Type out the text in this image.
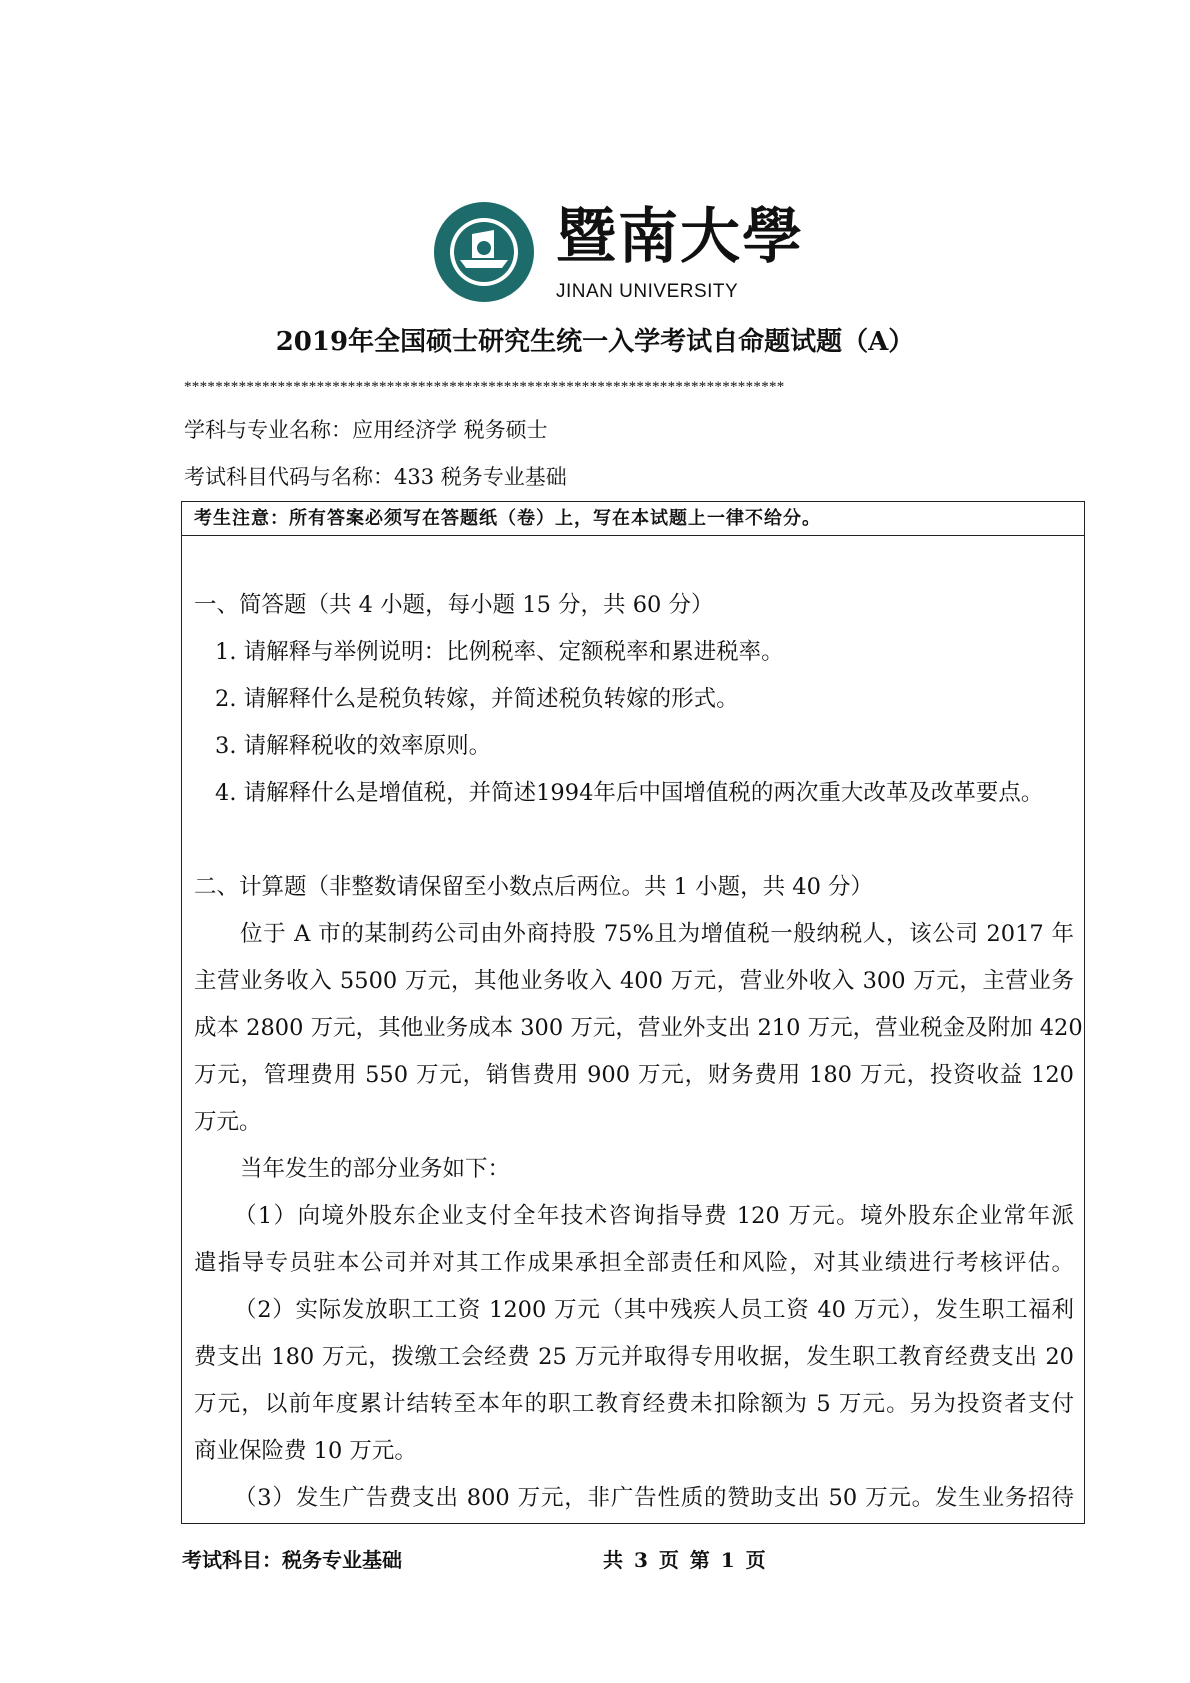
暨南大學
JINAN UNIVERSITY
2019年全国硕士研究生统一入学考试自命题试题（A）
*****************************************************************************
学科与专业名称：应用经济学 税务硕士
考试科目代码与名称：433 税务专业基础
考生注意：所有答案必须写在答题纸（卷）上，写在本试题上一律不给分。
一、简答题（共 4 小题，每小题 15 分，共 60 分）
1. 请解释与举例说明：比例税率、定额税率和累进税率。
2. 请解释什么是税负转嫁，并简述税负转嫁的形式。
3. 请解释税收的效率原则。
4. 请解释什么是增值税，并简述1994年后中国增值税的两次重大改革及改革要点。
二、计算题（非整数请保留至小数点后两位。共 1 小题，共 40 分）
位于 A 市的某制药公司由外商持股 75%且为增值税一般纳税人，该公司 2017 年
主营业务收入 5500 万元，其他业务收入 400 万元，营业外收入 300 万元，主营业务
成本 2800 万元，其他业务成本 300 万元，营业外支出 210 万元，营业税金及附加 420
万元，管理费用 550 万元，销售费用 900 万元，财务费用 180 万元，投资收益 120
万元。
当年发生的部分业务如下：
（1）向境外股东企业支付全年技术咨询指导费 120 万元。境外股东企业常年派
遣指导专员驻本公司并对其工作成果承担全部责任和风险，对其业绩进行考核评估。
（2）实际发放职工工资 1200 万元（其中残疾人员工资 40 万元），发生职工福利
费支出 180 万元，拨缴工会经费 25 万元并取得专用收据，发生职工教育经费支出 20
万元，以前年度累计结转至本年的职工教育经费未扣除额为 5 万元。另为投资者支付
商业保险费 10 万元。
（3）发生广告费支出 800 万元，非广告性质的赞助支出 50 万元。发生业务招待
考试科目：税务专业基础	共 3 页 第 1 页
